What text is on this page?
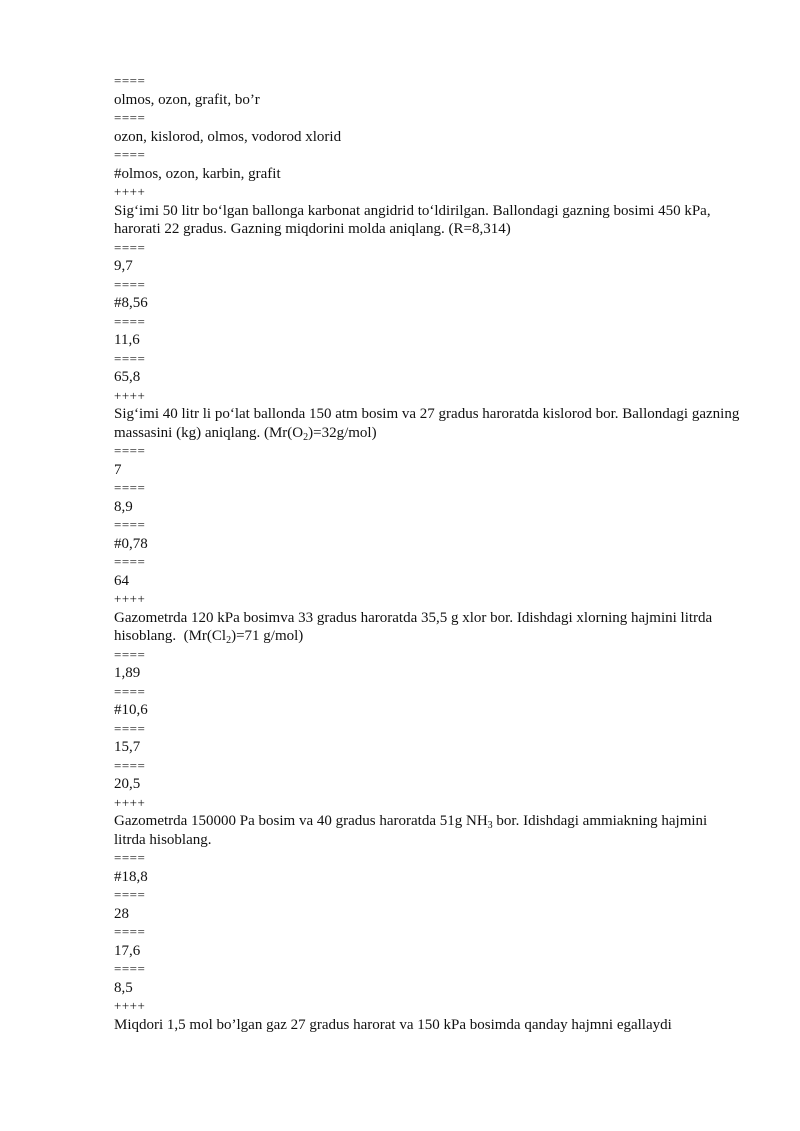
====
olmos, ozon, grafit, bo’r
====
ozon, kislorod, olmos, vodorod xlorid
====
#olmos, ozon, karbin, grafit
++++
Sig‘imi 50 litr bo‘lgan ballonga karbonat angidrid to‘ldirilgan. Ballondagi gazning bosimi 450 kPa, harorati 22 gradus. Gazning miqdorini molda aniqlang. (R=8,314)
====
9,7
====
#8,56
====
11,6
====
65,8
++++
Sig‘imi 40 litr li po‘lat ballonda 150 atm bosim va 27 gradus haroratda kislorod bor. Ballondagi gazning massasini (kg) aniqlang. $(Mr(O_2)=32g/mol)$
====
7
====
8,9
====
#0,78
====
64
++++
Gazometrda 120 kPa bosimva 33 gradus haroratda 35,5 g xlor bor. Idishdagi xlorning hajmini litrda hisoblang.  ($Mr(Cl_2)=71$ g/mol)
====
1,89
====
#10,6
====
15,7
====
20,5
++++
Gazometrda 150000 Pa bosim va 40 gradus haroratda 51g $NH_3$ bor. Idishdagi ammiakning hajmini litrda hisoblang.
====
#18,8
====
28
====
17,6
====
8,5
++++
Miqdori 1,5 mol bo’lgan gaz 27 gradus harorat va 150 kPa bosimda qanday hajmni egallaydi
